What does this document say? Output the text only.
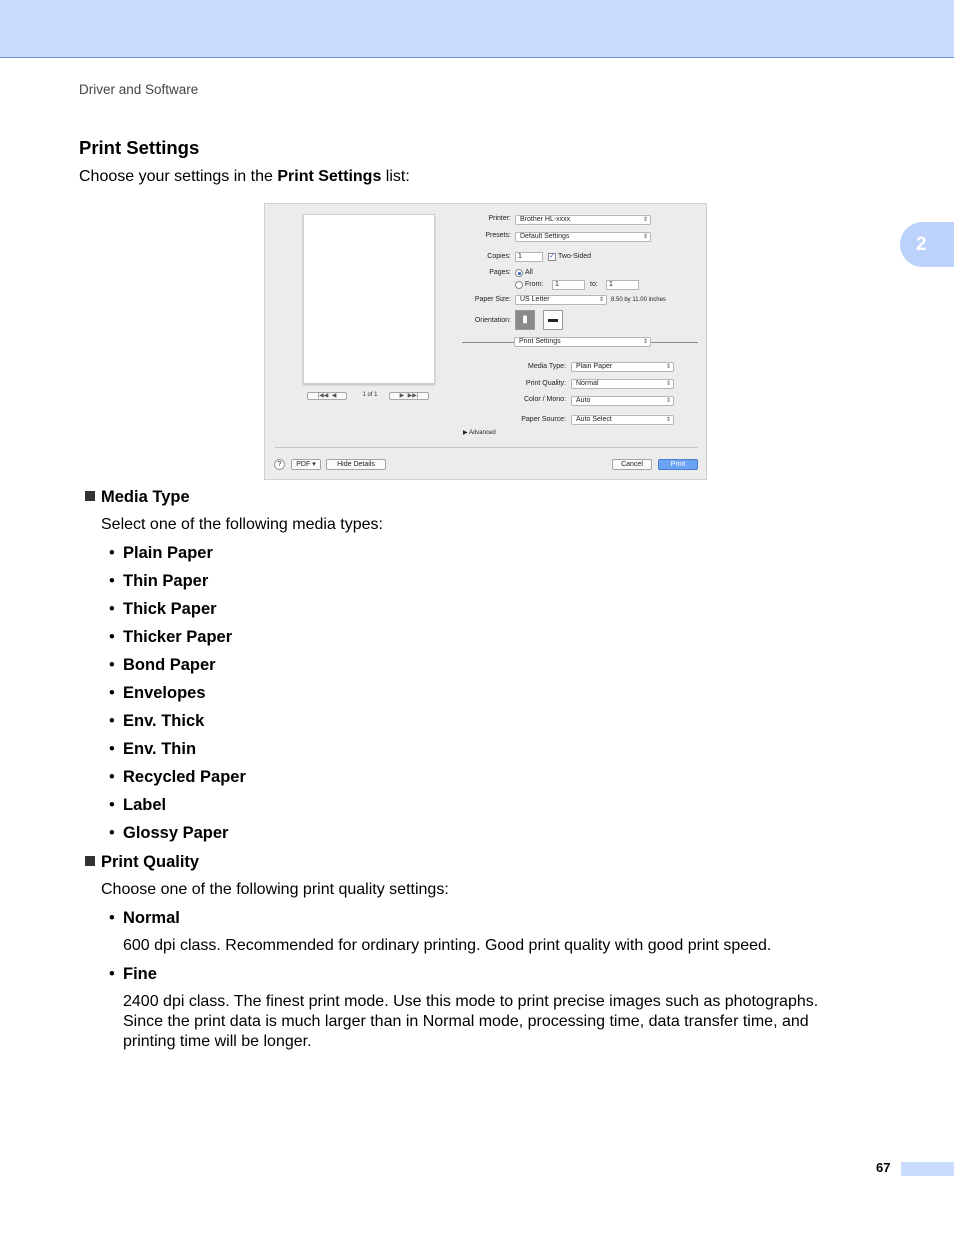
Driver and Software
2
Print Settings
Choose your settings in the Print Settings list:
|◀◀  ◀	1 of 1	▶  ▶▶|
Printer:	Brother HL-xxxx	⇕
Presets:	Default Settings	⇕
Copies:	1	✓ Two-Sided
Pages: All
From:	1	to:	1
Paper Size:	US Letter	⇕ 8.50 by 11.00 inches
Orientation:	▮	▬
Print Settings	⇕
Media Type:	Plain Paper	⇕
Print Quality:	Normal	⇕
Color / Mono:	Auto	⇕
Paper Source:	Auto Select	⇕
▶ Advanced
?	PDF ▾	Hide Details	Cancel	Print
Media Type
Select one of the following media types:
• Plain Paper
• Thin Paper
• Thick Paper
• Thicker Paper
• Bond Paper
• Envelopes
• Env. Thick
• Env. Thin
• Recycled Paper
• Label
• Glossy Paper
Print Quality
Choose one of the following print quality settings:
• Normal
600 dpi class. Recommended for ordinary printing. Good print quality with good print speed.
• Fine
2400 dpi class. The finest print mode. Use this mode to print precise images such as photographs.
Since the print data is much larger than in Normal mode, processing time, data transfer time, and
printing time will be longer.
67
